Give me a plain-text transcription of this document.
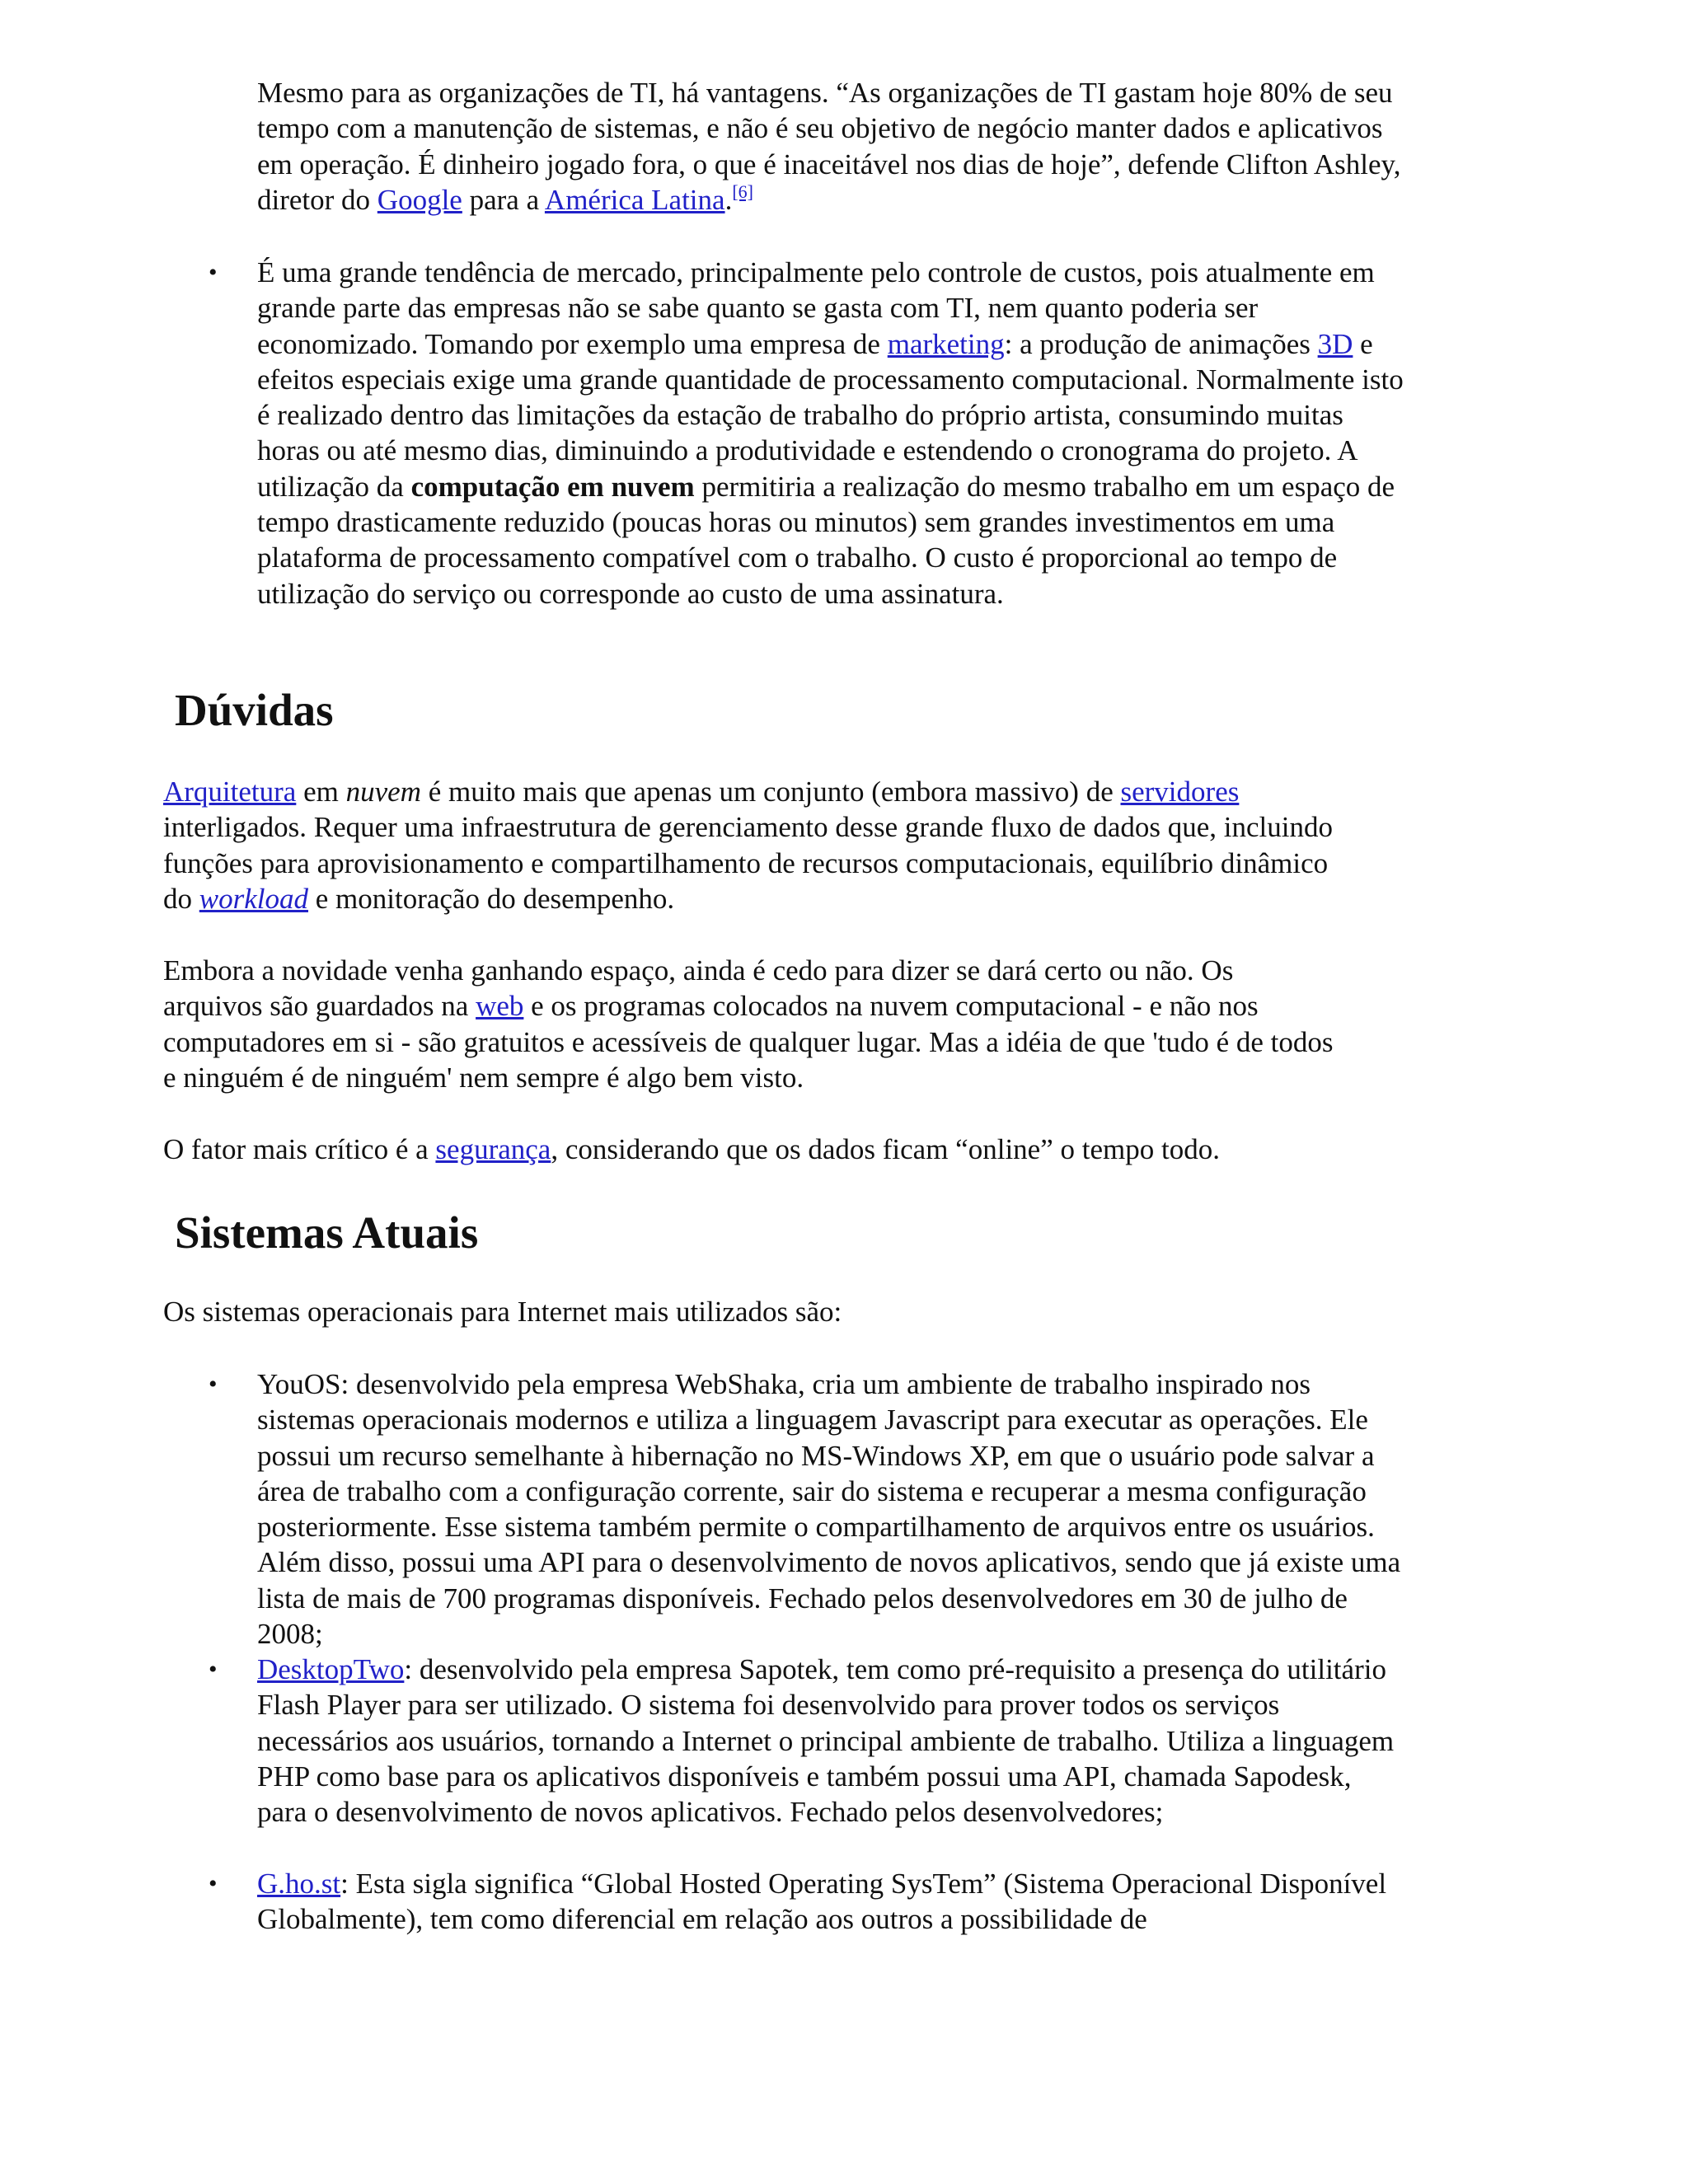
Mesmo para as organizações de TI, há vantagens. “As organizações de TI gastam hoje 80% de seu tempo com a manutenção de sistemas, e não é seu objetivo de negócio manter dados e aplicativos em operação. É dinheiro jogado fora, o que é inaceitável nos dias de hoje”, defende Clifton Ashley, diretor do Google para a América Latina.[6]

• É uma grande tendência de mercado, principalmente pelo controle de custos, pois atualmente em grande parte das empresas não se sabe quanto se gasta com TI, nem quanto poderia ser economizado. Tomando por exemplo uma empresa de marketing: a produção de animações 3D e efeitos especiais exige uma grande quantidade de processamento computacional. Normalmente isto é realizado dentro das limitações da estação de trabalho do próprio artista, consumindo muitas horas ou até mesmo dias, diminuindo a produtividade e estendendo o cronograma do projeto. A utilização da computação em nuvem permitiria a realização do mesmo trabalho em um espaço de tempo drasticamente reduzido (poucas horas ou minutos) sem grandes investimentos em uma plataforma de processamento compatível com o trabalho. O custo é proporcional ao tempo de utilização do serviço ou corresponde ao custo de uma assinatura.

Dúvidas

Arquitetura em nuvem é muito mais que apenas um conjunto (embora massivo) de servidores interligados. Requer uma infraestrutura de gerenciamento desse grande fluxo de dados que, incluindo funções para aprovisionamento e compartilhamento de recursos computacionais, equilíbrio dinâmico do workload e monitoração do desempenho.

Embora a novidade venha ganhando espaço, ainda é cedo para dizer se dará certo ou não. Os arquivos são guardados na web e os programas colocados na nuvem computacional - e não nos computadores em si - são gratuitos e acessíveis de qualquer lugar. Mas a idéia de que 'tudo é de todos e ninguém é de ninguém' nem sempre é algo bem visto.

O fator mais crítico é a segurança, considerando que os dados ficam “online” o tempo todo.

Sistemas Atuais

Os sistemas operacionais para Internet mais utilizados são:

• YouOS: desenvolvido pela empresa WebShaka, cria um ambiente de trabalho inspirado nos sistemas operacionais modernos e utiliza a linguagem Javascript para executar as operações. Ele possui um recurso semelhante à hibernação no MS-Windows XP, em que o usuário pode salvar a área de trabalho com a configuração corrente, sair do sistema e recuperar a mesma configuração posteriormente. Esse sistema também permite o compartilhamento de arquivos entre os usuários. Além disso, possui uma API para o desenvolvimento de novos aplicativos, sendo que já existe uma lista de mais de 700 programas disponíveis. Fechado pelos desenvolvedores em 30 de julho de 2008;

• DesktopTwo: desenvolvido pela empresa Sapotek, tem como pré-requisito a presença do utilitário Flash Player para ser utilizado. O sistema foi desenvolvido para prover todos os serviços necessários aos usuários, tornando a Internet o principal ambiente de trabalho. Utiliza a linguagem PHP como base para os aplicativos disponíveis e também possui uma API, chamada Sapodesk, para o desenvolvimento de novos aplicativos. Fechado pelos desenvolvedores;

• G.ho.st: Esta sigla significa “Global Hosted Operating SysTem” (Sistema Operacional Disponível Globalmente), tem como diferencial em relação aos outros a possibilidade de
